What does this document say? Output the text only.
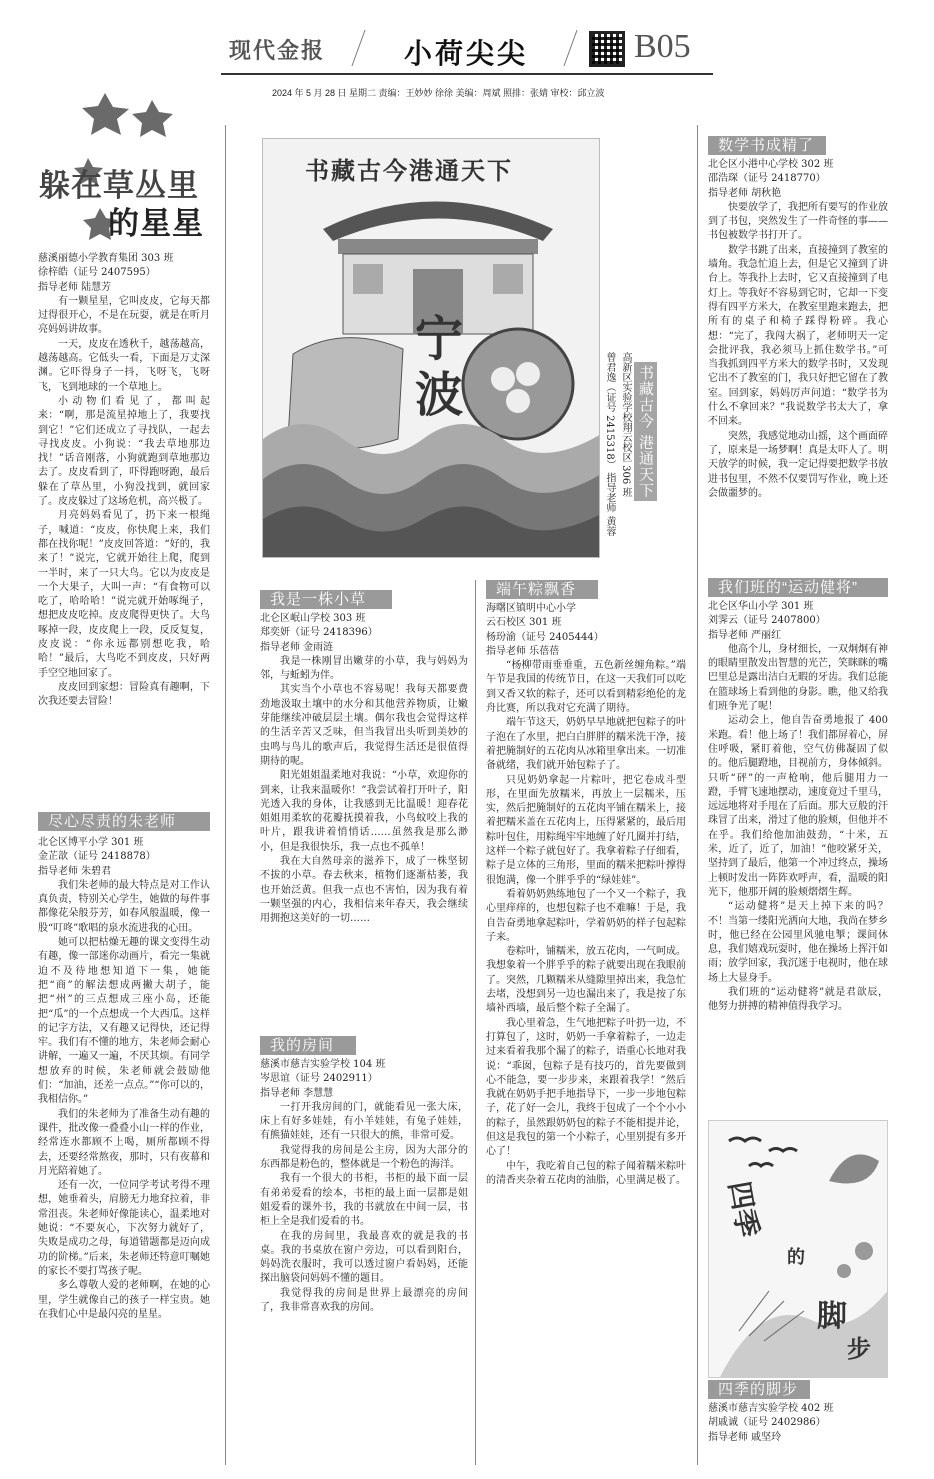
现代金报	小荷尖尖	B05
2024 年 5 月 28 日 星期二 责编：王妙妙 徐徐 美编：周斌 照排：张婧 审校：邱立波
躲在草丛里
的星星
慈溪丽德小学教育集团 303 班
徐梓皓（证号 2407595）
指导老师 陆慧芳

有一颗星星，它叫皮皮，它每天都过得很开心，不是在玩耍，就是在听月亮妈妈讲故事。

一天，皮皮在透秋千，越荡越高，越荡越高。它低头一看，下面是万丈深渊。它吓得身子一抖，飞呀飞，飞呀飞，飞到地球的一个草地上。

小动物们看见了，都叫起来：“啊，那是流星掉地上了，我要找到它！”它们还成立了寻找队，一起去寻找皮皮。小狗说：“我去草地那边找！”话音刚落，小狗就跑到草地那边去了。皮皮看到了，吓得跑呀跑，最后躲在了草丛里，小狗没找到，就回家了。皮皮躲过了这场危机，高兴极了。

月亮妈妈看见了，扔下来一根绳子，喊道：“皮皮，你快爬上来，我们都在找你呢！”皮皮回答道：“好的，我来了！”说完，它就开始往上爬，爬到一半时，来了一只大鸟。它以为皮皮是一个大果子，大叫一声：“有食物可以吃了，哈哈哈！”说完就开始啄绳子，想把皮皮吃掉。皮皮爬得更快了。大鸟啄掉一段，皮皮爬上一段，反反复复，皮皮说：“你永远都别想吃我，哈哈！”最后，大鸟吃不到皮皮，只好两手空空地回家了。

皮皮回到家想：冒险真有趣啊，下次我还要去冒险！

尽心尽责的朱老师
北仑区博平小学 301 班
金芷歆（证号 2418878）
指导老师 朱碧君

我们朱老师的最大特点是对工作认真负责，特别关心学生，她做的每件事都像花朵般芬芳，如春风般温暖，像一股“叮咚”歌唱的泉水流进我的心田。

她可以把枯燥无趣的课文变得生动有趣，像一部迷你动画片，看完一集就迫不及待地想知道下一集，她能把“商”的解法想成两撇大胡子，能把“州”的三点想成三座小岛，还能把“瓜”的一个点想成一个大西瓜。这样的记字方法，又有趣又记得快，还记得牢。我们有不懂的地方，朱老师会耐心讲解，一遍又一遍，不厌其烦。有同学想放弃的时候，朱老师就会鼓励他们：“加油，还差一点点。”“你可以的，我相信你。”

我们的朱老师为了准备生动有趣的课件，批改像一叠叠小山一样的作业，经常连水都顾不上喝，厕所都顾不得去，还要经常熬夜，那时，只有夜幕和月光陪着她了。

还有一次，一位同学考试考得不理想，她垂着头，肩膀无力地耷拉着，非常沮丧。朱老师好像能读心，温柔地对她说：“不要灰心，下次努力就好了，失败是成功之母，每道错题都是迈向成功的阶梯。”后来，朱老师还特意叮嘱她的家长不要打骂孩子呢。

多么尊敬人爱的老师啊，在她的心里，学生就像自己的孩子一样宝贵。她在我们心中是最闪亮的星星。

书藏古今港通天下
宁波	书藏古今 港通天下
高新区实验学校翔云校区 306 班
曾君逸（证号 2415318） 指导老师 黄蓉
我是一株小草
北仑区岷山学校 303 班
郑奕妍（证号 2418396）
指导老师 金雨涟

我是一株刚冒出嫩芽的小草，我与妈妈为邻，与蚯蚓为伴。

其实当个小草也不容易呢！我每天都要费劲地汲取土壤中的水分和其他营养物质，让嫩芽能继续冲破层层土壤。偶尔我也会觉得这样的生活辛苦又乏味，但当我冒出头听到美妙的虫鸣与鸟儿的歌声后，我觉得生活还是很值得期待的呢。

阳光姐姐温柔地对我说：“小草，欢迎你的到来，让我来温暖你！”我尝试着打开叶子，阳光透入我的身体，让我感到无比温暖！迎春花姐姐用柔软的花瓣抚摸着我，小鸟蚊咬上我的叶片，跟我讲着悄悄话……虽然我是那么渺小，但是我很快乐，我一点也不孤单！

我在大自然母亲的滋养下，成了一株坚韧不拔的小草。春去秋来，植物们逐渐枯萎，我也开始泛黄。但我一点也不害怕，因为我有着一颗坚强的内心，我相信来年春天，我会继续用拥抱这美好的一切……

我的房间
慈溪市慈吉实验学校 104 班
岑思谊（证号 2402911）
指导老师 李慧慧

一打开我房间的门，就能看见一张大床，床上有好多娃娃，有小羊娃娃，有兔子娃娃，有熊猫娃娃，还有一只很大的熊，非常可爱。

我觉得我的房间是公主房，因为大部分的东西都是粉色的，整体就是一个粉色的海洋。

我有一个很大的书柜，书柜的最下面一层有弟弟爱看的绘本，书柜的最上面一层都是姐姐爱看的课外书，我的书就放在中间一层，书柜上全是我们爱看的书。

在我的房间里，我最喜欢的就是我的书桌。我的书桌放在窗户旁边，可以看到阳台，妈妈洗衣服时，我可以透过窗户看妈妈，还能探出脑袋问妈妈不懂的题目。

我觉得我的房间是世界上最漂亮的房间了，我非常喜欢我的房间。

端午粽飘香
海曙区镇明中心小学
云石校区 301 班
杨玢渝（证号 2405444）
指导老师 乐蓓蓓

“杨柳带雨垂垂重，五色新丝缠角粽。”端午节是我国的传统节日，在这一天我们可以吃到又香又软的粽子，还可以看到精彩绝伦的龙舟比赛，所以我对它充满了期待。

端午节这天，奶奶早早地就把包粽子的叶子泡在了水里，把白白胖胖的糯米洗干净，接着把腌制好的五花肉从冰箱里拿出来。一切准备就绪，我们就开始包粽子了。

只见奶奶拿起一片粽叶，把它卷成斗型形，在里面先放糯米，再放上一层糯米，压实，然后把腌制好的五花肉平铺在糯米上，接着把糯米盖在五花肉上，压得紧紧的，最后用粽叶包住，用粽绳牢牢地缠了好几圈并打结，这样一个粽子就包好了。我拿着粽子仔细看，粽子是立体的三角形，里面的糯米把粽叶撑得很饱满，像一个胖乎乎的“绿娃娃”。

看着奶奶熟练地包了一个又一个粽子，我心里痒痒的，也想包粽子也不难嘛！于是，我自告奋勇地拿起粽叶，学着奶奶的样子包起粽子来。

卷粽叶，铺糯米，放五花肉，一气呵成。我想象着一个胖乎乎的粽子就要出现在我眼前了。突然，几颗糯米从缝隙里掉出来，我急忙去堵，没想到另一边也漏出来了，我是按了东墙补西墙，最后整个粽子全漏了。

我心里着急，生气地把粽子叶扔一边，不打算包了，这时，奶奶一手拿着粽子，一边走过来看着我那个漏了的粽子，语重心长地对我说：“乖囡，包粽子是有技巧的，首先要做到心不能急，要一步步来，来跟着我学！”然后我就在奶奶手把手地指导下，一步一步地包粽子，花了好一会儿，我终于包成了一个个小小的粽子，虽然跟奶奶包的粽子不能相提并论，但这是我包的第一个小粽子，心里别提有多开心了！

中午，我吃着自己包的粽子闻着糯米粽叶的清香夹杂着五花肉的油脂，心里满足极了。

数学书成精了
北仑区小港中心学校 302 班
邵浩琛（证号 2418770）
指导老师 胡秋艳

快要放学了，我把所有要写的作业放到了书包，突然发生了一件奇怪的事——书包被数学书打开了。

数学书跳了出来，直接撞到了教室的墙角。我急忙追上去，但是它又撞到了讲台上。等我扑上去时，它又直接撞到了电灯上。等我好不容易到它时，它却一下变得有四平方米大，在教室里跑来跑去，把所有的桌子和椅子踩得粉碎。我心想：“完了，我闯大祸了，老师明天一定会批评我，我必须马上抓住数学书。”可当我抓到四平方米大的数学书时，又发现它出不了教室的门，我只好把它留在了教室。回到家，妈妈厉声问道：“数学书为什么不拿回来？”我说数学书太大了，拿不回来。

突然，我感觉地动山摇，这个画面碎了，原来是一场梦啊！真是太吓人了。明天放学的时候，我一定记得要把数学书放进书包里，不然不仅要罚写作业，晚上还会做噩梦的。

我们班的“运动健将”
北仑区华山小学 301 班
刘霁云（证号 2407800）
指导老师 严丽红

他高个儿，身材细长，一双炯炯有神的眼睛里散发出智慧的光芒，笑眯眯的嘴巴里总是露出洁白无暇的牙齿。我们总能在篮球场上看到他的身影。瞧，他又给我们班争光了呢！

运动会上，他自告奋勇地报了 400 米跑。看！他上场了！我们都屏着心，屏住呼吸，紧盯着他，空气仿佛凝固了似的。他后腿蹬地，目视前方，身体倾斜。只听“砰”的一声枪响，他后腿用力一蹬，手臂飞速地摆动，速度竟过千里马，远远地将对手甩在了后面。那大豆般的汗珠冒了出来，滑过了他的脸颊，但他并不在乎。我们给他加油鼓劲，“十米，五米，近了，近了，加油！”他咬紧牙关，坚持到了最后，他第一个冲过终点，操场上顿时发出一阵阵欢呼声，看，温暖的阳光下，他那开阔的脸颊熠熠生辉。

“运动健将”是天上掉下来的吗？不！当第一缕阳光洒向大地，我尚在梦乡时，他已经在公园里风驰电掣；课间休息，我们嬉戏玩耍时，他在操场上挥汗如雨；放学回家，我沉迷于电视时，他在球场上大显身手。

我们班的“运动健将”就是君歆辰，他努力拼搏的精神值得我学习。

四季
的
脚
步
四季的脚步
慈溪市慈吉实验学校 402 班
胡戚诚（证号 2402986）
指导老师 戚坚玲
